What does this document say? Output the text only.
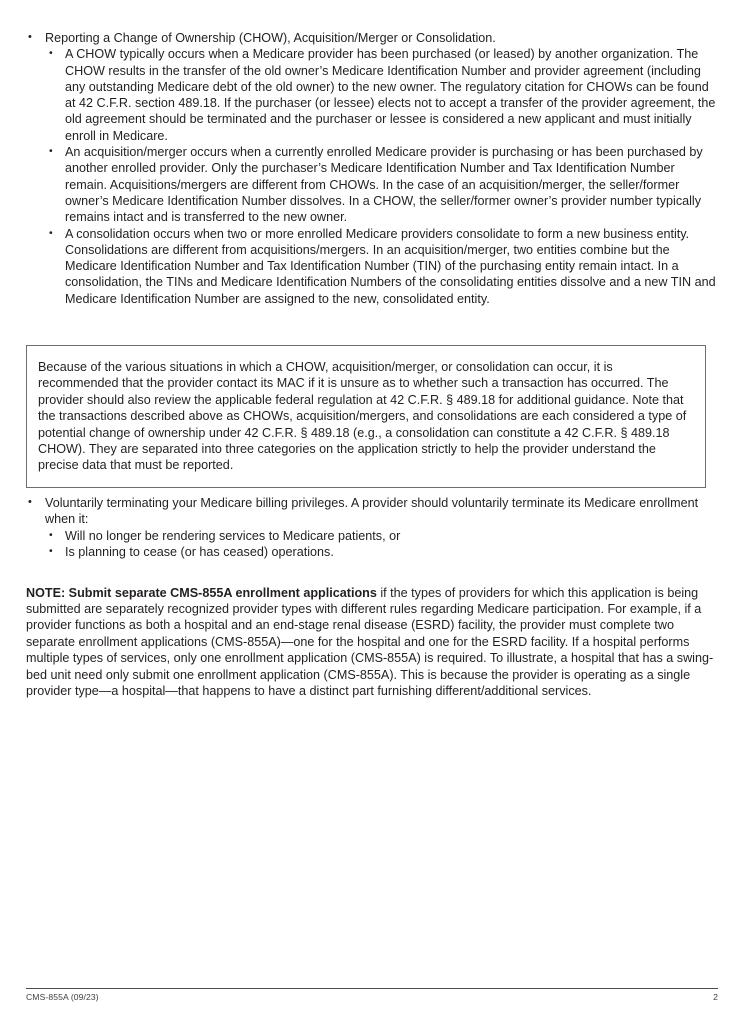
• Reporting a Change of Ownership (CHOW), Acquisition/Merger or Consolidation.

• A CHOW typically occurs when a Medicare provider has been purchased (or leased) by another organization. The CHOW results in the transfer of the old owner’s Medicare Identification Number and provider agreement (including any outstanding Medicare debt of the old owner) to the new owner. The regulatory citation for CHOWs can be found at 42 C.F.R. section 489.18. If the purchaser (or lessee) elects not to accept a transfer of the provider agreement, the old agreement should be terminated and the purchaser or lessee is considered a new applicant and must initially enroll in Medicare.

• An acquisition/merger occurs when a currently enrolled Medicare provider is purchasing or has been purchased by another enrolled provider. Only the purchaser’s Medicare Identification Number and Tax Identification Number remain. Acquisitions/mergers are different from CHOWs. In the case of an acquisition/merger, the seller/former owner’s Medicare Identification Number dissolves. In a CHOW, the seller/former owner’s provider number typically remains intact and is transferred to the new owner.

• A consolidation occurs when two or more enrolled Medicare providers consolidate to form a new business entity. Consolidations are different from acquisitions/mergers. In an acquisition/merger, two entities combine but the Medicare Identification Number and Tax Identification Number (TIN) of the purchasing entity remain intact. In a consolidation, the TINs and Medicare Identification Numbers of the consolidating entities dissolve and a new TIN and Medicare Identification Number are assigned to the new, consolidated entity.

Because of the various situations in which a CHOW, acquisition/merger, or consolidation can occur, it is recommended that the provider contact its MAC if it is unsure as to whether such a transaction has occurred. The provider should also review the applicable federal regulation at 42 C.F.R. § 489.18 for additional guidance. Note that the transactions described above as CHOWs, acquisition/mergers, and consolidations are each considered a type of potential change of ownership under 42 C.F.R. § 489.18 (e.g., a consolidation can constitute a 42 C.F.R. § 489.18 CHOW). They are separated into three categories on the application strictly to help the provider understand the precise data that must be reported.

• Voluntarily terminating your Medicare billing privileges. A provider should voluntarily terminate its Medicare enrollment when it:

• Will no longer be rendering services to Medicare patients, or

• Is planning to cease (or has ceased) operations.

NOTE: Submit separate CMS-855A enrollment applications if the types of providers for which this application is being submitted are separately recognized provider types with different rules regarding Medicare participation. For example, if a provider functions as both a hospital and an end-stage renal disease (ESRD) facility, the provider must complete two separate enrollment applications (CMS-855A)—one for the hospital and one for the ESRD facility. If a hospital performs multiple types of services, only one enrollment application (CMS-855A) is required. To illustrate, a hospital that has a swing-bed unit need only submit one enrollment application (CMS-855A). This is because the provider is operating as a single provider type—a hospital—that happens to have a distinct part furnishing different/additional services.

CMS-855A (09/23)	2
